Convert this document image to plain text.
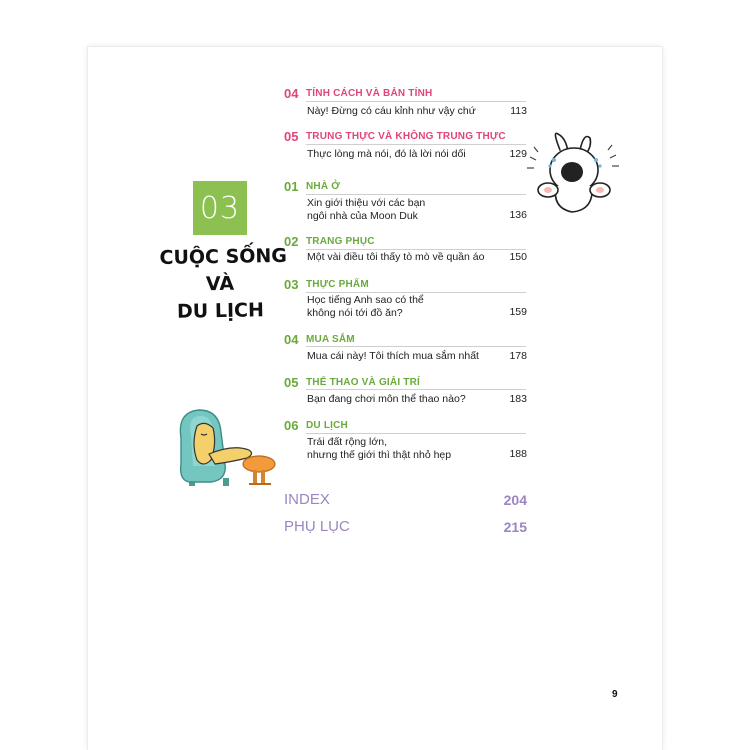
03
CUỘC SỐNG
VÀ
DU LỊCH
04 TÍNH CÁCH VÀ BẢN TÍNH
Này! Đừng có cáu kỉnh như vậy chứ	113
05 TRUNG THỰC VÀ KHÔNG TRUNG THỰC
Thực lòng mà nói, đó là lời nói dối	129
01 NHÀ Ở
Xin giới thiệu với các bạn
ngôi nhà của Moon Duk	136
02 TRANG PHỤC
Một vài điều tôi thấy tò mò về quần áo	150
03 THỰC PHẨM
Học tiếng Anh sao có thể
không nói tới đồ ăn?	159
04 MUA SẮM
Mua cái này! Tôi thích mua sắm nhất	178
05 THỂ THAO VÀ GIẢI TRÍ
Bạn đang chơi môn thể thao nào?	183
06 DU LỊCH
Trái đất rộng lớn,
nhưng thế giới thì thật nhỏ hẹp	188
INDEX	204
PHỤ LỤC	215
9
